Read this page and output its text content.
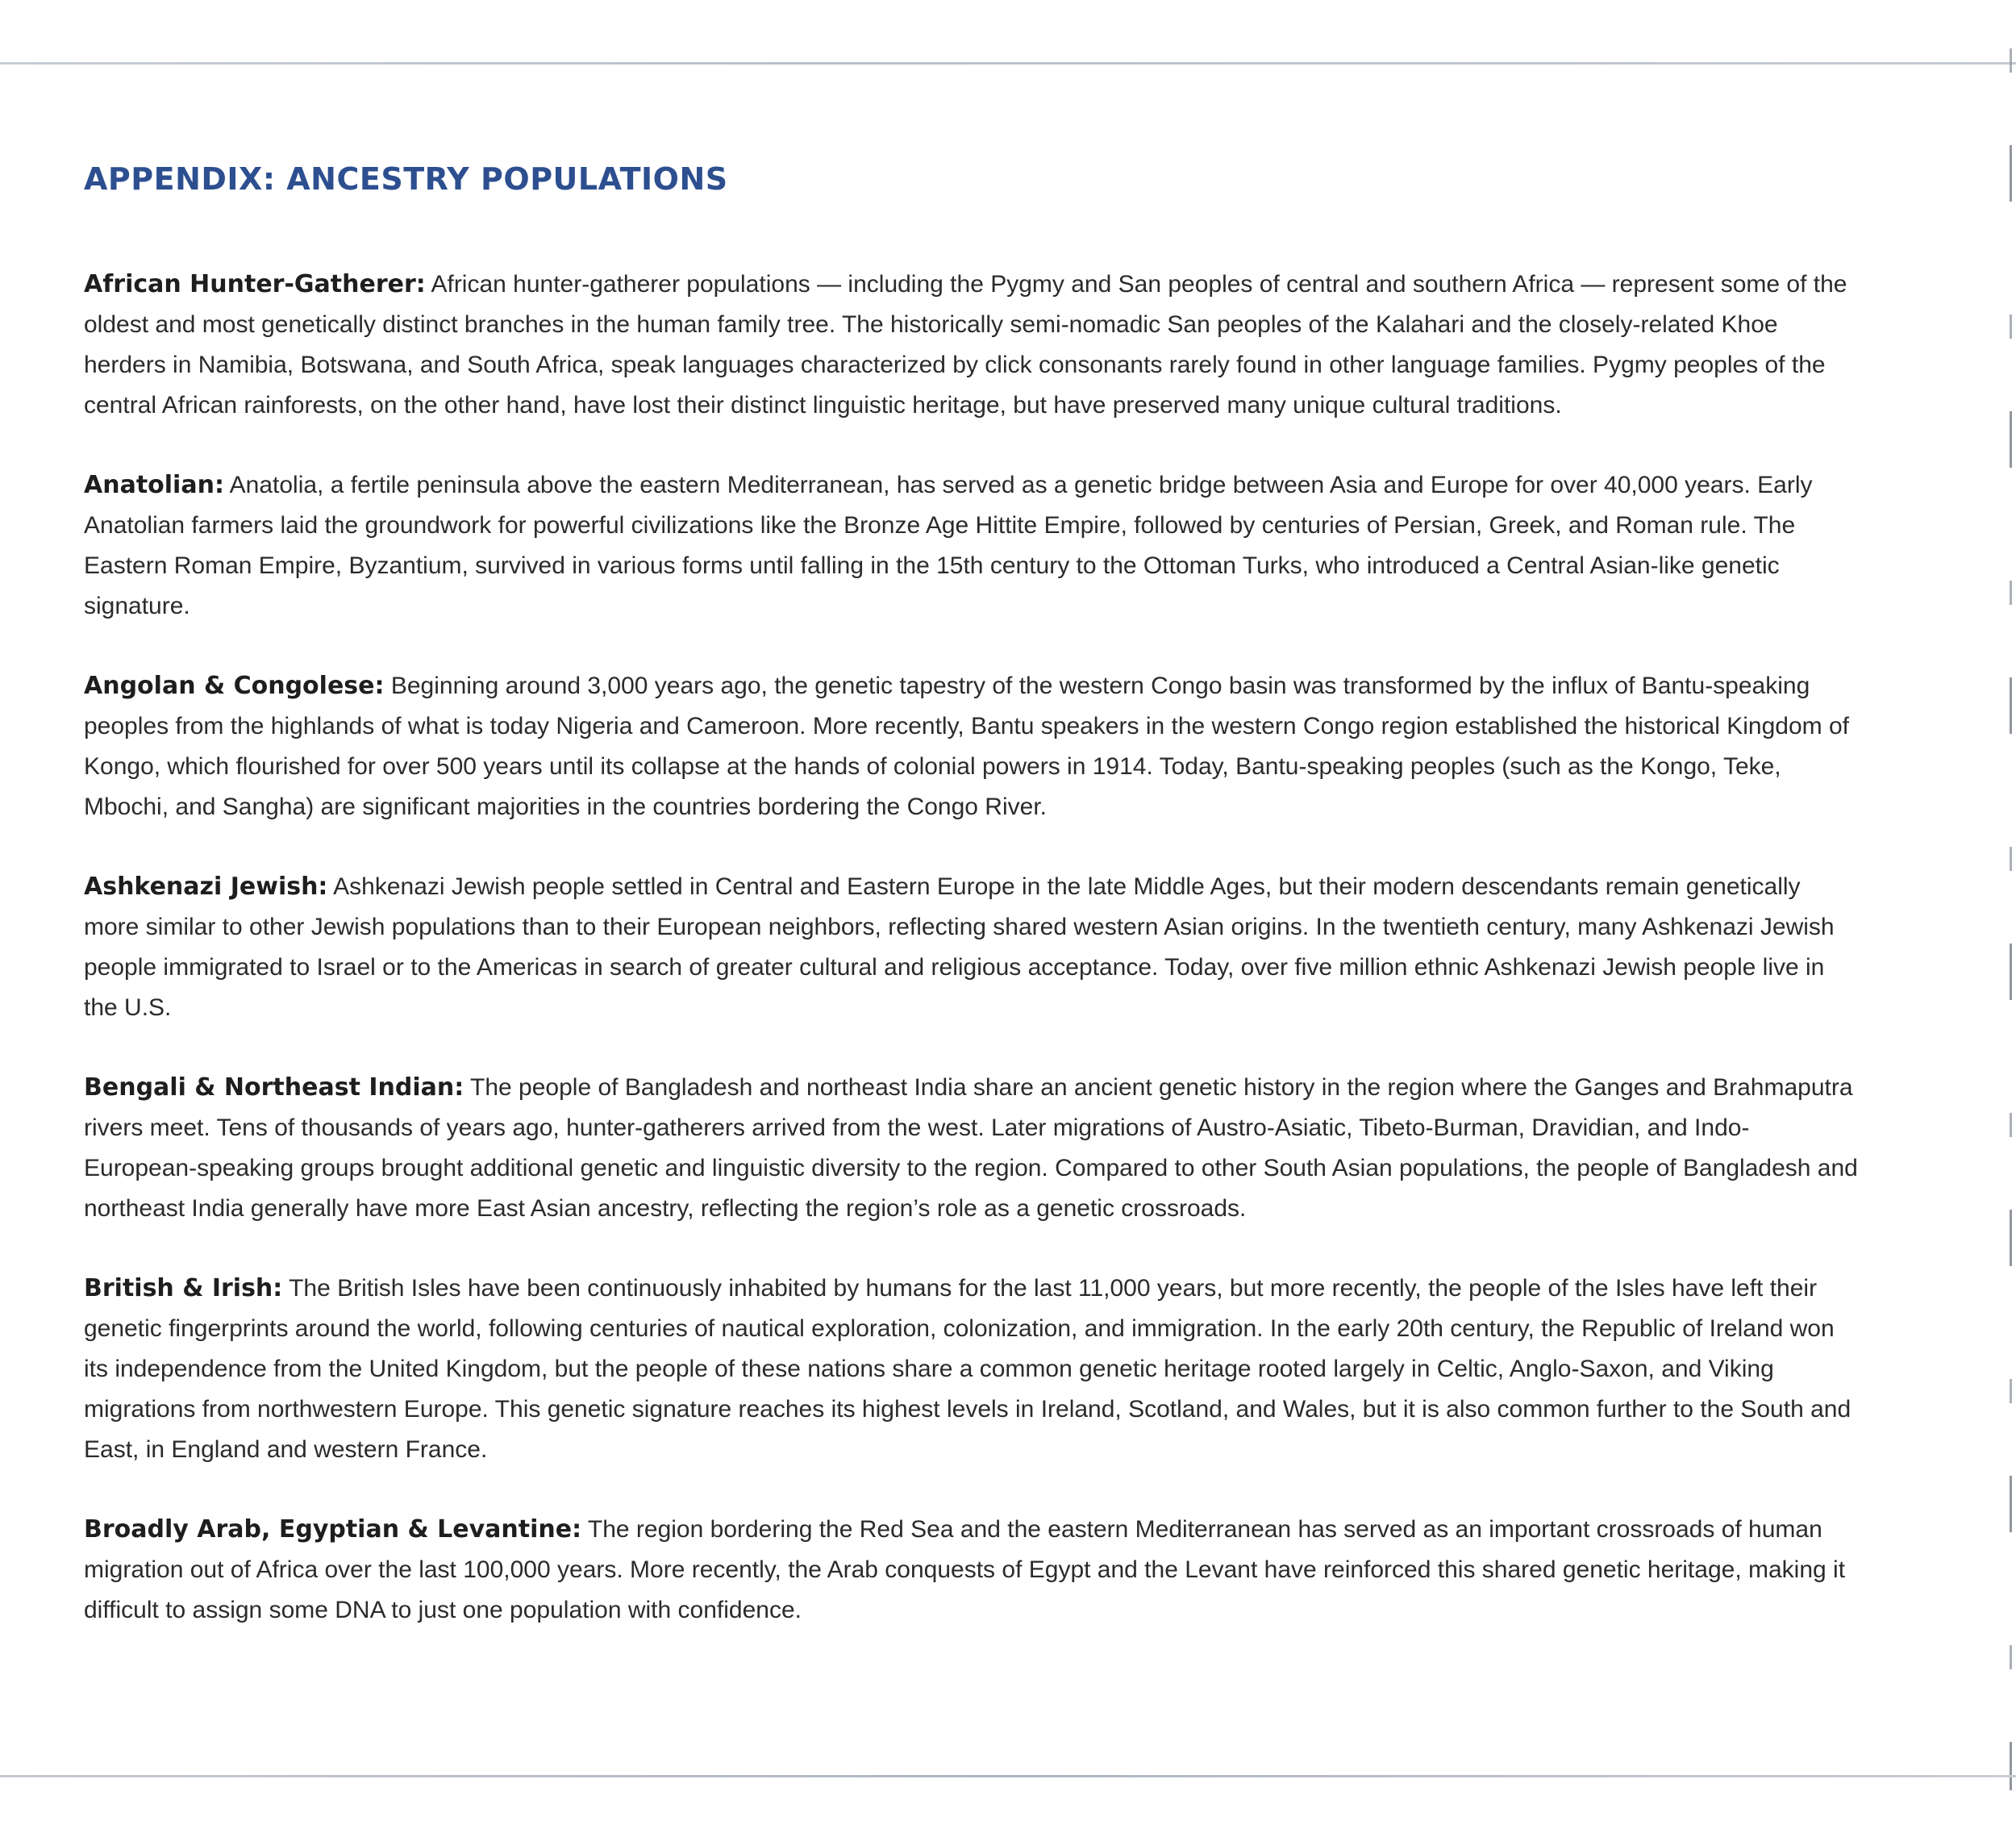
APPENDIX: ANCESTRY POPULATIONS

African Hunter-Gatherer: African hunter-gatherer populations — including the Pygmy and San peoples of central and southern Africa — represent some of the oldest and most genetically distinct branches in the human family tree. The historically semi-nomadic San peoples of the Kalahari and the closely-related Khoe herders in Namibia, Botswana, and South Africa, speak languages characterized by click consonants rarely found in other language families. Pygmy peoples of the central African rainforests, on the other hand, have lost their distinct linguistic heritage, but have preserved many unique cultural traditions.

Anatolian: Anatolia, a fertile peninsula above the eastern Mediterranean, has served as a genetic bridge between Asia and Europe for over 40,000 years. Early Anatolian farmers laid the groundwork for powerful civilizations like the Bronze Age Hittite Empire, followed by centuries of Persian, Greek, and Roman rule. The Eastern Roman Empire, Byzantium, survived in various forms until falling in the 15th century to the Ottoman Turks, who introduced a Central Asian-like genetic signature.

Angolan & Congolese: Beginning around 3,000 years ago, the genetic tapestry of the western Congo basin was transformed by the influx of Bantu-speaking peoples from the highlands of what is today Nigeria and Cameroon. More recently, Bantu speakers in the western Congo region established the historical Kingdom of Kongo, which flourished for over 500 years until its collapse at the hands of colonial powers in 1914. Today, Bantu-speaking peoples (such as the Kongo, Teke, Mbochi, and Sangha) are significant majorities in the countries bordering the Congo River.

Ashkenazi Jewish: Ashkenazi Jewish people settled in Central and Eastern Europe in the late Middle Ages, but their modern descendants remain genetically more similar to other Jewish populations than to their European neighbors, reflecting shared western Asian origins. In the twentieth century, many Ashkenazi Jewish people immigrated to Israel or to the Americas in search of greater cultural and religious acceptance. Today, over five million ethnic Ashkenazi Jewish people live in the U.S.

Bengali & Northeast Indian: The people of Bangladesh and northeast India share an ancient genetic history in the region where the Ganges and Brahmaputra rivers meet. Tens of thousands of years ago, hunter-gatherers arrived from the west. Later migrations of Austro-Asiatic, Tibeto-Burman, Dravidian, and Indo-European-speaking groups brought additional genetic and linguistic diversity to the region. Compared to other South Asian populations, the people of Bangladesh and northeast India generally have more East Asian ancestry, reflecting the region’s role as a genetic crossroads.

British & Irish: The British Isles have been continuously inhabited by humans for the last 11,000 years, but more recently, the people of the Isles have left their genetic fingerprints around the world, following centuries of nautical exploration, colonization, and immigration. In the early 20th century, the Republic of Ireland won its independence from the United Kingdom, but the people of these nations share a common genetic heritage rooted largely in Celtic, Anglo-Saxon, and Viking migrations from northwestern Europe. This genetic signature reaches its highest levels in Ireland, Scotland, and Wales, but it is also common further to the South and East, in England and western France.

Broadly Arab, Egyptian & Levantine: The region bordering the Red Sea and the eastern Mediterranean has served as an important crossroads of human migration out of Africa over the last 100,000 years. More recently, the Arab conquests of Egypt and the Levant have reinforced this shared genetic heritage, making it difficult to assign some DNA to just one population with confidence.
